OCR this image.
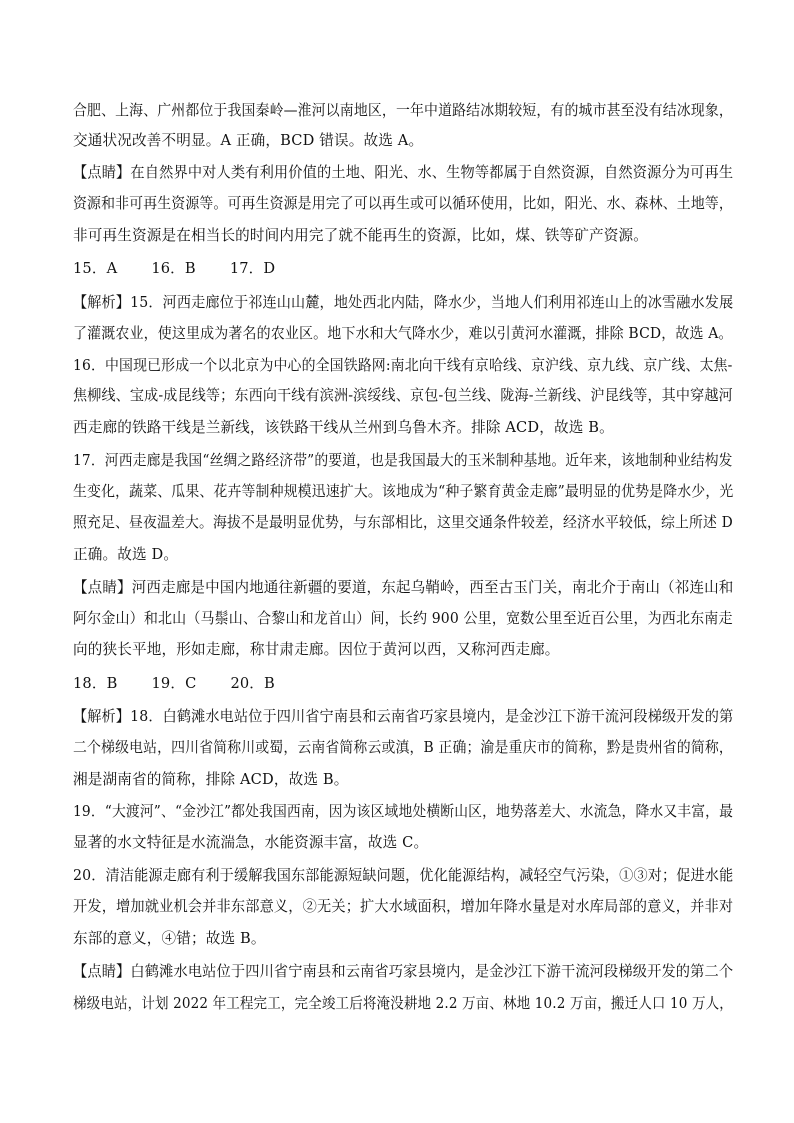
合肥、上海、广州都位于我国秦岭—淮河以南地区，一年中道路结冰期较短，有的城市甚至没有结冰现象，
交通状况改善不明显。A 正确，BCD 错误。故选 A。
【点睛】在自然界中对人类有利用价值的土地、阳光、水、生物等都属于自然资源，自然资源分为可再生
资源和非可再生资源等。可再生资源是用完了可以再生或可以循环使用，比如，阳光、水、森林、土地等，
非可再生资源是在相当长的时间内用完了就不能再生的资源，比如，煤、铁等矿产资源。
15．A 16．B 17．D
【解析】15．河西走廊位于祁连山山麓，地处西北内陆，降水少，当地人们利用祁连山上的冰雪融水发展
了灌溉农业，使这里成为著名的农业区。地下水和大气降水少，难以引黄河水灌溉，排除 BCD，故选 A。
16．中国现已形成一个以北京为中心的全国铁路网:南北向干线有京哈线、京沪线、京九线、京广线、太焦-
焦柳线、宝成-成昆线等；东西向干线有滨洲-滨绥线、京包-包兰线、陇海-兰新线、沪昆线等，其中穿越河
西走廊的铁路干线是兰新线，该铁路干线从兰州到乌鲁木齐。排除 ACD，故选 B。
17．河西走廊是我国“丝绸之路经济带”的要道，也是我国最大的玉米制种基地。近年来，该地制种业结构发
生变化，蔬菜、瓜果、花卉等制种规模迅速扩大。该地成为“种子繁育黄金走廊”最明显的优势是降水少，光
照充足、昼夜温差大。海拔不是最明显优势，与东部相比，这里交通条件较差，经济水平较低，综上所述 D
正确。故选 D。
【点睛】河西走廊是中国内地通往新疆的要道，东起乌鞘岭，西至古玉门关，南北介于南山（祁连山和
阿尔金山）和北山（马鬃山、合黎山和龙首山）间，长约 900 公里，宽数公里至近百公里，为西北东南走
向的狭长平地，形如走廊，称甘肃走廊。因位于黄河以西，又称河西走廊。
18．B 19．C 20．B
【解析】18．白鹤滩水电站位于四川省宁南县和云南省巧家县境内，是金沙江下游干流河段梯级开发的第
二个梯级电站，四川省简称川或蜀，云南省简称云或滇，B 正确；渝是重庆市的简称，黔是贵州省的简称，
湘是湖南省的简称，排除 ACD，故选 B。
19．“大渡河”、“金沙江”都处我国西南，因为该区域地处横断山区，地势落差大、水流急，降水又丰富，最
显著的水文特征是水流湍急，水能资源丰富，故选 C。
20．清洁能源走廊有利于缓解我国东部能源短缺问题，优化能源结构，减轻空气污染，①③对；促进水能
开发，增加就业机会并非东部意义，②无关；扩大水域面积，增加年降水量是对水库局部的意义，并非对
东部的意义，④错；故选 B。
【点睛】白鹤滩水电站位于四川省宁南县和云南省巧家县境内，是金沙江下游干流河段梯级开发的第二个
梯级电站，计划 2022 年工程完工，完全竣工后将淹没耕地 2.2 万亩、林地 10.2 万亩，搬迁人口 10 万人，
